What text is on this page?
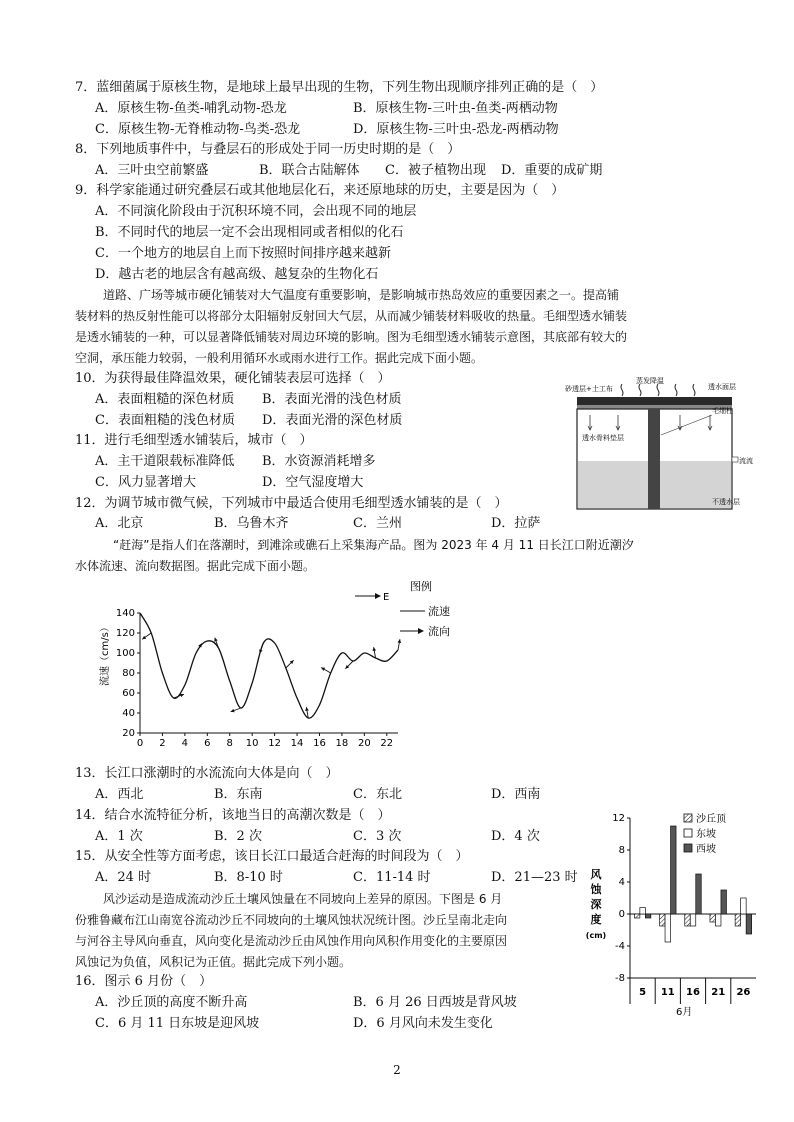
7．蓝细菌属于原核生物，是地球上最早出现的生物，下列生物出现顺序排列正确的是（　）
A．原核生物-鱼类-哺乳动物-恐龙	B．原核生物-三叶虫-鱼类-两栖动物
C．原核生物-无脊椎动物-鸟类-恐龙	D．原核生物-三叶虫-恐龙-两栖动物
8．下列地质事件中，与叠层石的形成处于同一历史时期的是（　）
A．三叶虫空前繁盛	B．联合古陆解体 C．被子植物出现 D．重要的成矿期
9．科学家能通过研究叠层石或其他地层化石，来还原地球的历史，主要是因为（　）
A．不同演化阶段由于沉积环境不同，会出现不同的地层
B．不同时代的地层一定不会出现相同或者相似的化石
C．一个地方的地层自上而下按照时间排序越来越新
D．越古老的地层含有越高级、越复杂的生物化石
道路、广场等城市硬化铺装对大气温度有重要影响，是影响城市热岛效应的重要因素之一。提高铺
装材料的热反射性能可以将部分太阳辐射反射回大气层，从而减少铺装材料吸收的热量。毛细型透水铺装
是透水铺装的一种，可以显著降低铺装对周边环境的影响。图为毛细型透水铺装示意图，其底部有较大的
空洞，承压能力较弱，一般利用循环水或雨水进行工作。据此完成下面小题。
10．为获得最佳降温效果，硬化铺装表层可选择（　）
A．表面粗糙的深色材质 B．表面光滑的浅色材质
C．表面粗糙的浅色材质 D．表面光滑的深色材质
11．进行毛细型透水铺装后，城市（　）
A．主干道限载标准降低 B．水资源消耗增多
C．风力显著增大	D．空气湿度增大
12．为调节城市微气候，下列城市中最适合使用毛细型透水铺装的是（　）
A．北京	B．乌鲁木齐	C．兰州	D．拉萨
砂透层+土工布
蒸发降温
透水面层
毛细柱
透水骨料垫层
流流
不透水层
“赶海”是指人们在落潮时，到滩涂或礁石上采集海产品。图为 2023 年 4 月 11 日长江口附近潮汐
水体流速、流向数据图。据此完成下面小题。
E
图例
流速
流向
流速（cm/s）
20
40
60
80
100
120
140
0 2 4 6 8 10 12 14 16 18 20 22
13．长江口涨潮时的水流流向大体是向（　）
A．西北	B．东南	C．东北	D．西南
14．结合水流特征分析，该地当日的高潮次数是（　）
A．1 次	B．2 次	C．3 次	D．4 次
15．从安全性等方面考虑，该日长江口最适合赶海的时间段为（　）
A．24 时	B．8-10 时	C．11-14 时	D．21—23 时
风沙运动是造成流动沙丘土壤风蚀量在不同坡向上差异的原因。下图是 6 月
份雅鲁藏布江山南宽谷流动沙丘不同坡向的土壤风蚀状况统计图。沙丘呈南北走向
与河谷主导风向垂直，风向变化是流动沙丘由风蚀作用向风积作用变化的主要原因
风蚀记为负值，风积记为正值。据此完成下列小题。
16．图示 6 月份（　）
A．沙丘顶的高度不断升高	B．6 月 26 日西坡是背风坡
C．6 月 11 日东坡是迎风坡	D．6 月风向未发生变化
沙丘顶
东坡
西坡
风
蚀
深
度
(cm)
-8
-4
0
4
8
12
5 11 16 21 26
6月
2
